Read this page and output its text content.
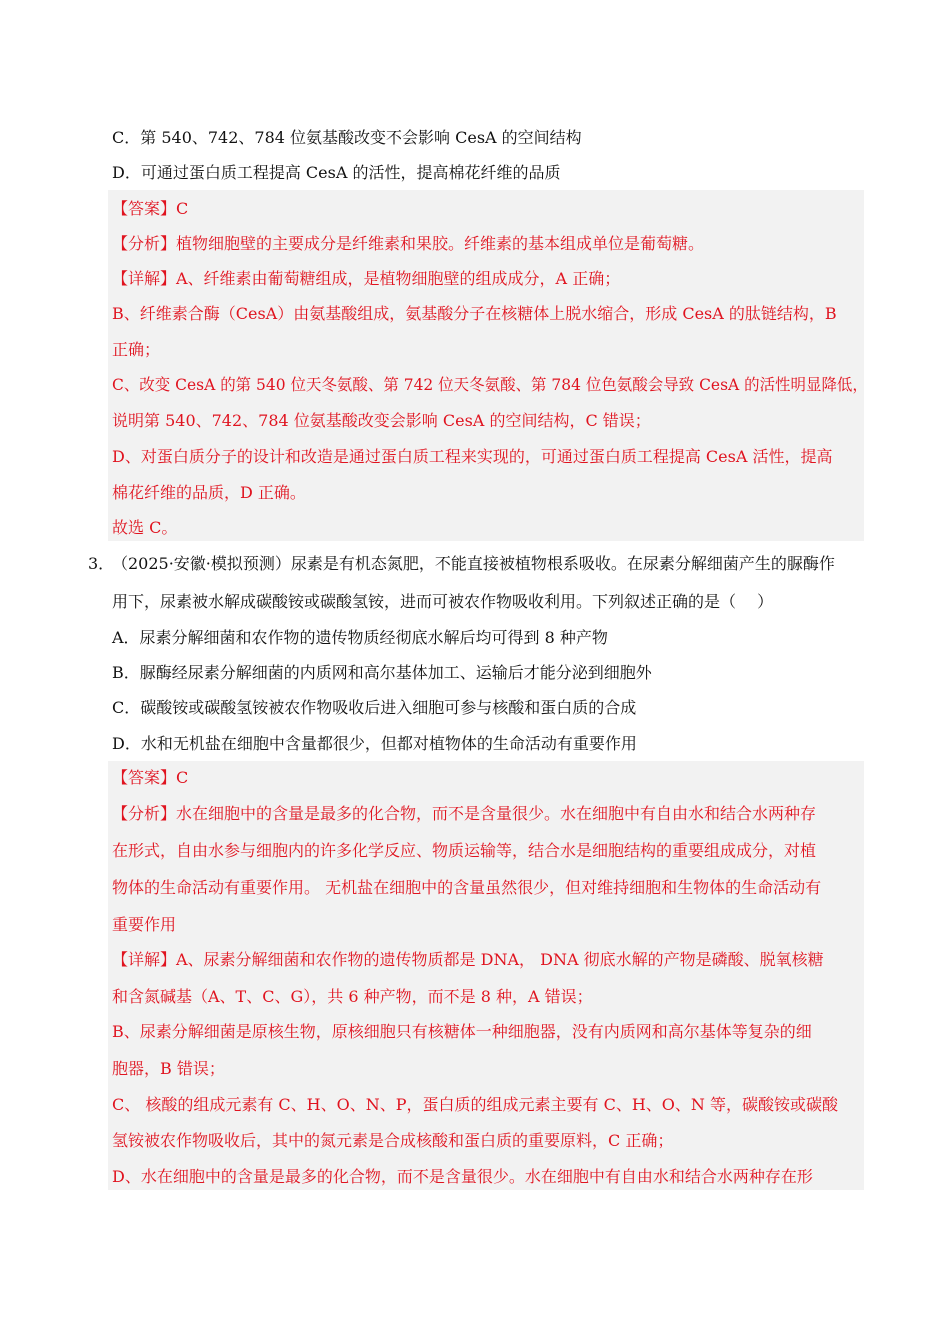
C．第 540、742、784 位氨基酸改变不会影响 CesA 的空间结构
D．可通过蛋白质工程提高 CesA 的活性，提高棉花纤维的品质
【答案】C
【分析】植物细胞壁的主要成分是纤维素和果胶。纤维素的基本组成单位是葡萄糖。
【详解】A、纤维素由葡萄糖组成，是植物细胞壁的组成成分，A 正确；
B、纤维素合酶（CesA）由氨基酸组成，氨基酸分子在核糖体上脱水缩合，形成 CesA 的肽链结构，B
正确；
C、改变 CesA 的第 540 位天冬氨酸、第 742 位天冬氨酸、第 784 位色氨酸会导致 CesA 的活性明显降低，
说明第 540、742、784 位氨基酸改变会影响 CesA 的空间结构，C 错误；
D、对蛋白质分子的设计和改造是通过蛋白质工程来实现的，可通过蛋白质工程提高 CesA 活性，提高
棉花纤维的品质，D 正确。
故选 C。
3．
（2025·安徽·模拟预测）尿素是有机态氮肥，不能直接被植物根系吸收。在尿素分解细菌产生的脲酶作
用下，尿素被水解成碳酸铵或碳酸氢铵，进而可被农作物吸收利用。下列叙述正确的是（　 ）
A．尿素分解细菌和农作物的遗传物质经彻底水解后均可得到 8 种产物
B．脲酶经尿素分解细菌的内质网和高尔基体加工、运输后才能分泌到细胞外
C．碳酸铵或碳酸氢铵被农作物吸收后进入细胞可参与核酸和蛋白质的合成
D．水和无机盐在细胞中含量都很少，但都对植物体的生命活动有重要作用
【答案】C
【分析】水在细胞中的含量是最多的化合物，而不是含量很少。水在细胞中有自由水和结合水两种存
在形式，自由水参与细胞内的许多化学反应、物质运输等，结合水是细胞结构的重要组成成分，对植
物体的生命活动有重要作用。 无机盐在细胞中的含量虽然很少，但对维持细胞和生物体的生命活动有
重要作用
【详解】A、尿素分解细菌和农作物的遗传物质都是 DNA， DNA 彻底水解的产物是磷酸、脱氧核糖
和含氮碱基（A、T、C、G），共 6 种产物，而不是 8 种，A 错误；
B、尿素分解细菌是原核生物，原核细胞只有核糖体一种细胞器，没有内质网和高尔基体等复杂的细
胞器，B 错误；
C、 核酸的组成元素有 C、H、O、N、P，蛋白质的组成元素主要有 C、H、O、N 等，碳酸铵或碳酸
氢铵被农作物吸收后，其中的氮元素是合成核酸和蛋白质的重要原料，C 正确；
D、水在细胞中的含量是最多的化合物，而不是含量很少。水在细胞中有自由水和结合水两种存在形
